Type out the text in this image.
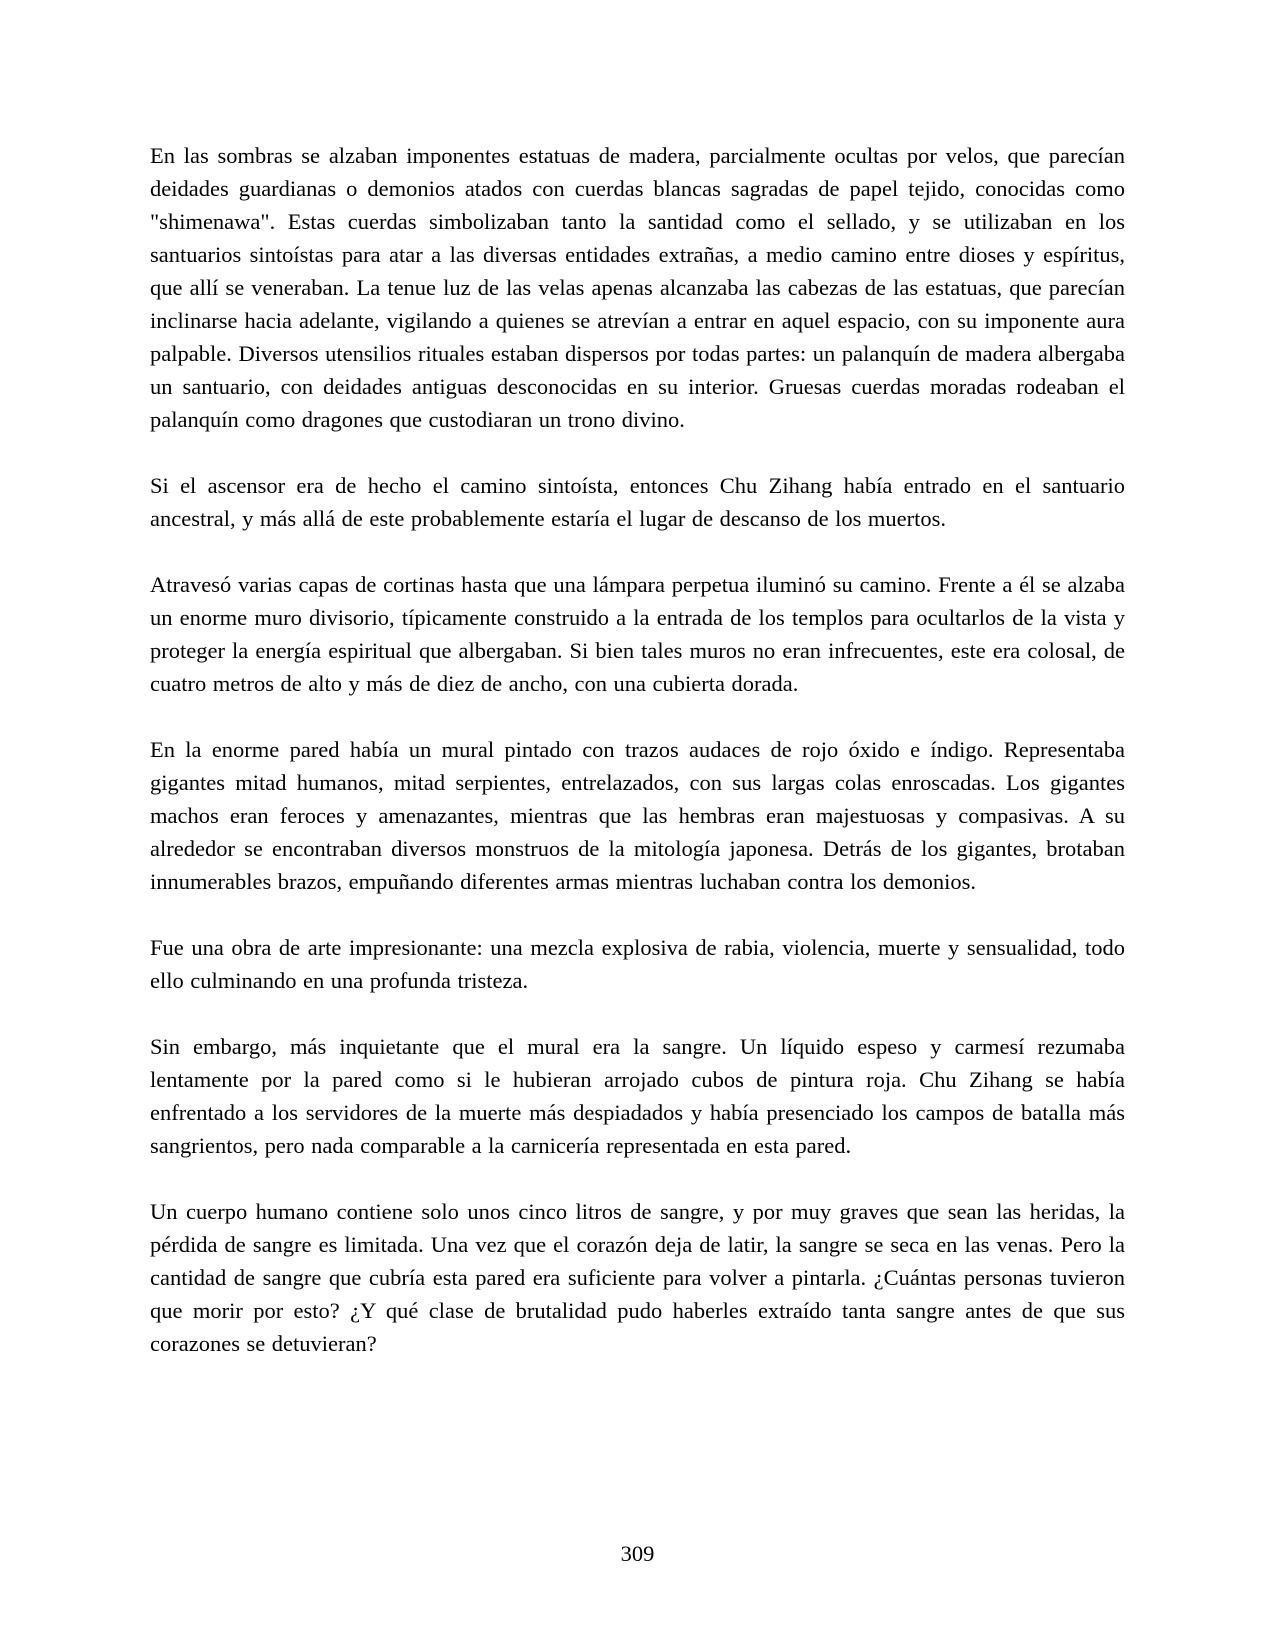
En las sombras se alzaban imponentes estatuas de madera, parcialmente ocultas por velos, que parecían deidades guardianas o demonios atados con cuerdas blancas sagradas de papel tejido, conocidas como "shimenawa". Estas cuerdas simbolizaban tanto la santidad como el sellado, y se utilizaban en los santuarios sintoístas para atar a las diversas entidades extrañas, a medio camino entre dioses y espíritus, que allí se veneraban. La tenue luz de las velas apenas alcanzaba las cabezas de las estatuas, que parecían inclinarse hacia adelante, vigilando a quienes se atrevían a entrar en aquel espacio, con su imponente aura palpable. Diversos utensilios rituales estaban dispersos por todas partes: un palanquín de madera albergaba un santuario, con deidades antiguas desconocidas en su interior. Gruesas cuerdas moradas rodeaban el palanquín como dragones que custodiaran un trono divino.

Si el ascensor era de hecho el camino sintoísta, entonces Chu Zihang había entrado en el santuario ancestral, y más allá de este probablemente estaría el lugar de descanso de los muertos.

Atravesó varias capas de cortinas hasta que una lámpara perpetua iluminó su camino. Frente a él se alzaba un enorme muro divisorio, típicamente construido a la entrada de los templos para ocultarlos de la vista y proteger la energía espiritual que albergaban. Si bien tales muros no eran infrecuentes, este era colosal, de cuatro metros de alto y más de diez de ancho, con una cubierta dorada.

En la enorme pared había un mural pintado con trazos audaces de rojo óxido e índigo. Representaba gigantes mitad humanos, mitad serpientes, entrelazados, con sus largas colas enroscadas. Los gigantes machos eran feroces y amenazantes, mientras que las hembras eran majestuosas y compasivas. A su alrededor se encontraban diversos monstruos de la mitología japonesa. Detrás de los gigantes, brotaban innumerables brazos, empuñando diferentes armas mientras luchaban contra los demonios.

Fue una obra de arte impresionante: una mezcla explosiva de rabia, violencia, muerte y sensualidad, todo ello culminando en una profunda tristeza.

Sin embargo, más inquietante que el mural era la sangre. Un líquido espeso y carmesí rezumaba lentamente por la pared como si le hubieran arrojado cubos de pintura roja. Chu Zihang se había enfrentado a los servidores de la muerte más despiadados y había presenciado los campos de batalla más sangrientos, pero nada comparable a la carnicería representada en esta pared.

Un cuerpo humano contiene solo unos cinco litros de sangre, y por muy graves que sean las heridas, la pérdida de sangre es limitada. Una vez que el corazón deja de latir, la sangre se seca en las venas. Pero la cantidad de sangre que cubría esta pared era suficiente para volver a pintarla. ¿Cuántas personas tuvieron que morir por esto? ¿Y qué clase de brutalidad pudo haberles extraído tanta sangre antes de que sus corazones se detuvieran?

309
